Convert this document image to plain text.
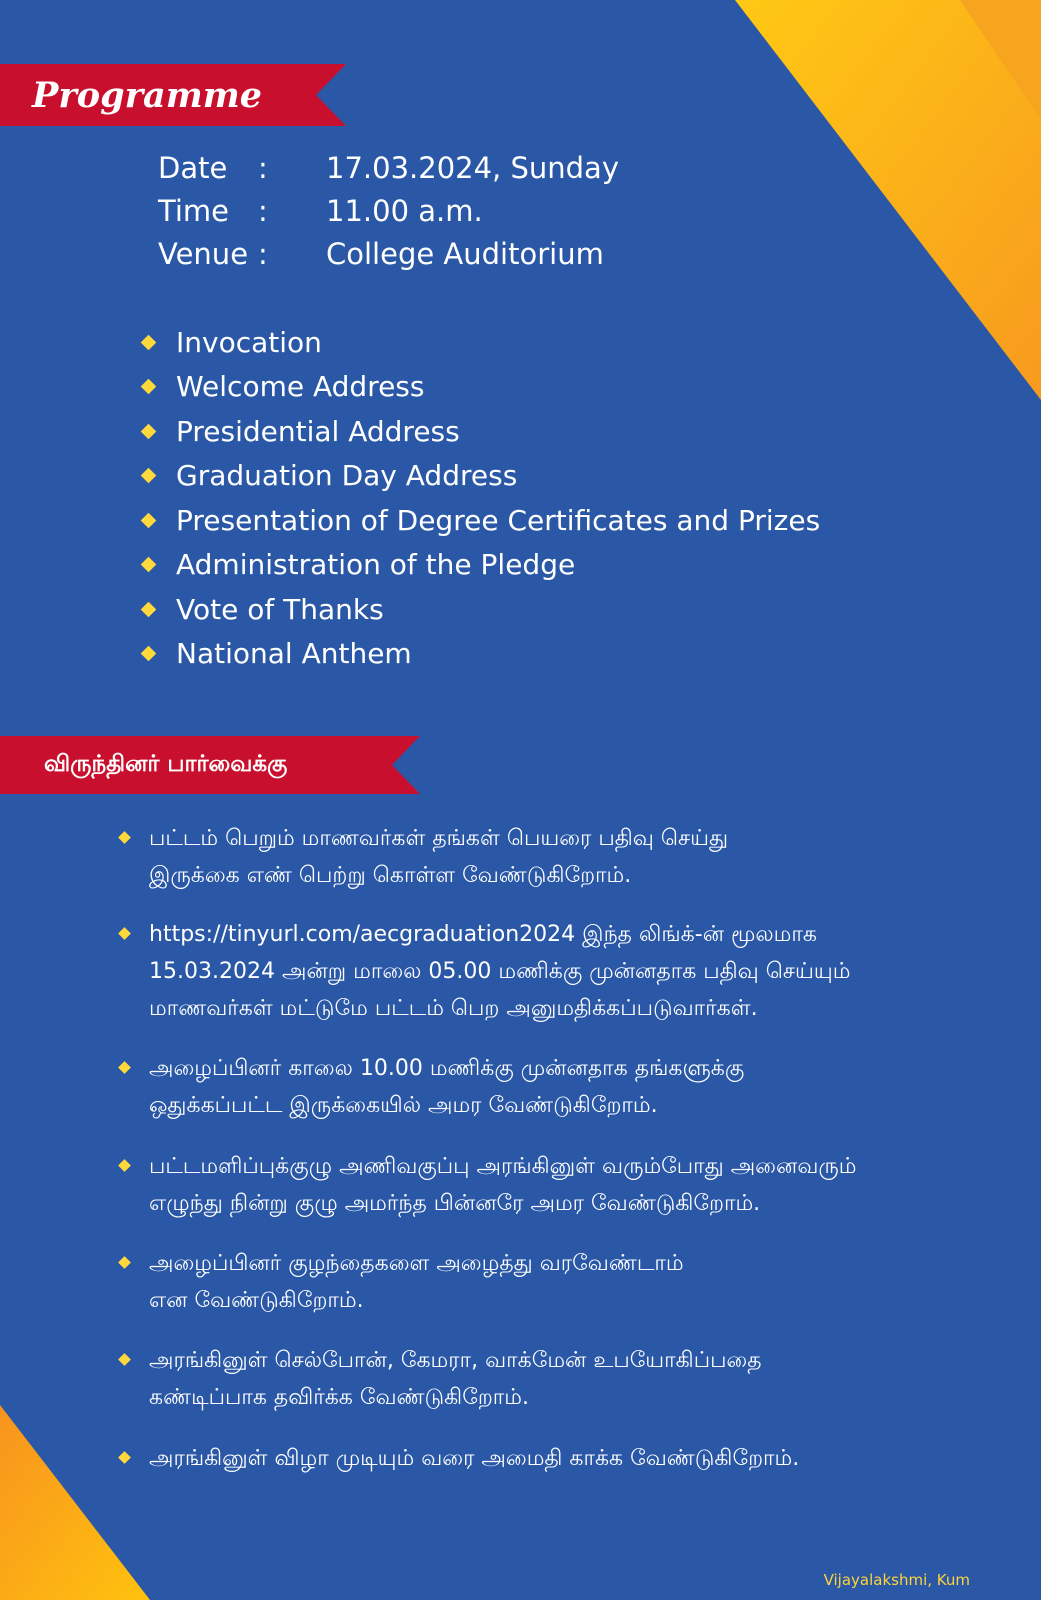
Programme
Date	:	17.03.2024, Sunday
Time	:	11.00 a.m.
Venue :	College Auditorium
Invocation
Welcome Address
Presidential Address
Graduation Day Address
Presentation of Degree Certificates and Prizes
Administration of the Pledge
Vote of Thanks
National Anthem
விருந்தினர் பார்வைக்கு
பட்டம் பெறும் மாணவர்கள் தங்கள் பெயரை பதிவு செய்து
இருக்கை எண் பெற்று கொள்ள வேண்டுகிறோம்.
https://tinyurl.com/aecgraduation2024 இந்த லிங்க்-ன் மூலமாக
15.03.2024 அன்று மாலை 05.00 மணிக்கு முன்னதாக பதிவு செய்யும்
மாணவர்கள் மட்டுமே பட்டம் பெற அனுமதிக்கப்படுவார்கள்.
அழைப்பினர் காலை 10.00 மணிக்கு முன்னதாக தங்களுக்கு
ஒதுக்கப்பட்ட இருக்கையில் அமர வேண்டுகிறோம்.
பட்டமளிப்புக்குழு அணிவகுப்பு அரங்கினுள் வரும்போது அனைவரும்
எழுந்து நின்று குழு அமர்ந்த பின்னரே அமர வேண்டுகிறோம்.
அழைப்பினர் குழந்தைகளை அழைத்து வரவேண்டாம்
என வேண்டுகிறோம்.
அரங்கினுள் செல்போன், கேமரா, வாக்மேன் உபயோகிப்பதை
கண்டிப்பாக தவிர்க்க வேண்டுகிறோம்.
அரங்கினுள் விழா முடியும் வரை அமைதி காக்க வேண்டுகிறோம்.
Vijayalakshmi, Kum
